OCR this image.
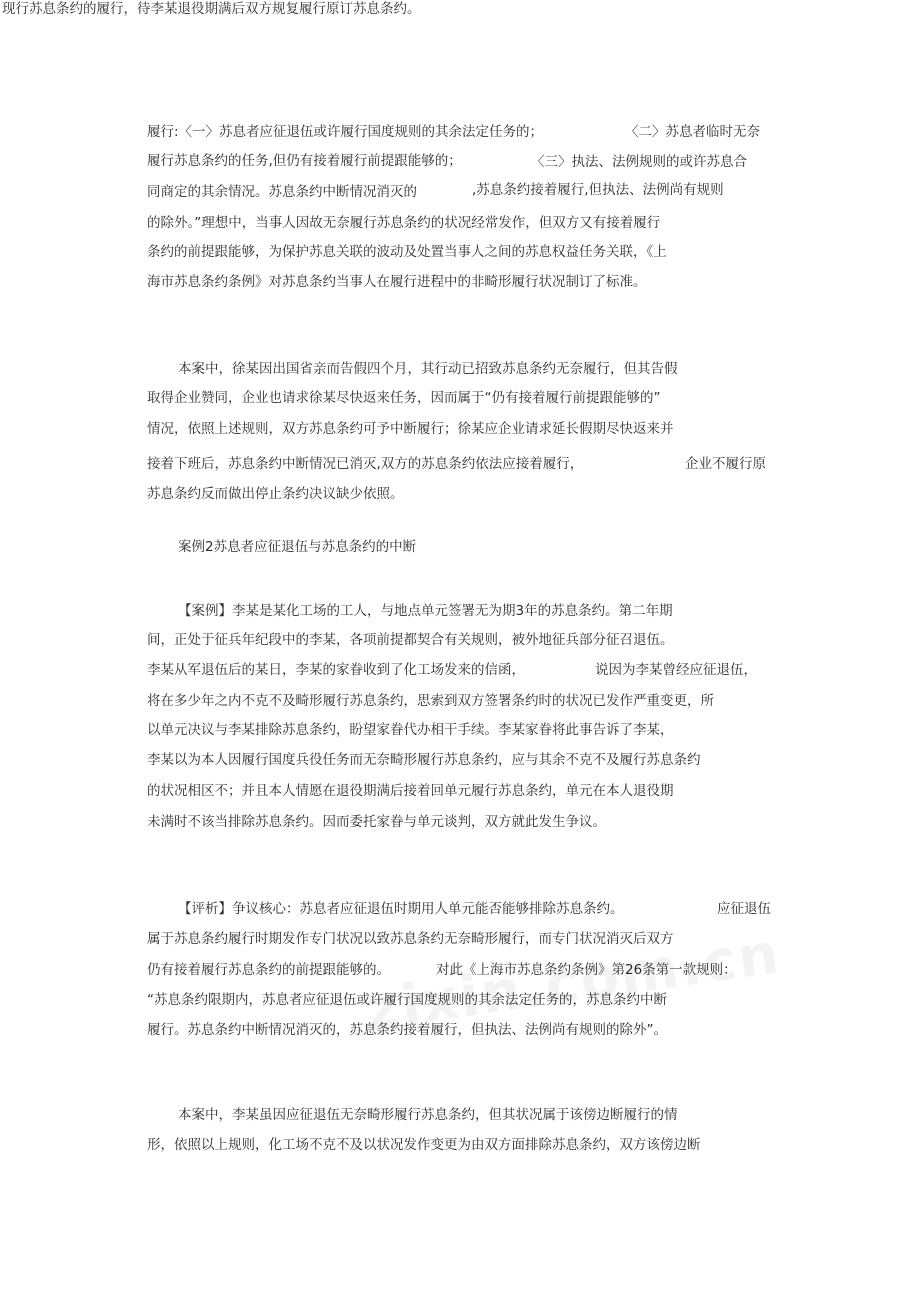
现行苏息条约的履行，待李某退役期满后双方规复履行原订苏息条约。

履行:〈一〉苏息者应征退伍或许履行国度规则的其余法定任务的；	〈二〉苏息者临时无奈

履行苏息条约的任务,但仍有接着履行前提跟能够的；	〈三〉执法、法例规则的或许苏息合

同商定的其余情况。苏息条约中断情况消灭的	,苏息条约接着履行,但执法、法例尚有规则

的除外。”理想中，当事人因故无奈履行苏息条约的状况经常发作，但双方又有接着履行

条约的前提跟能够，为保护苏息关联的波动及处置当事人之间的苏息权益任务关联，《上

海市苏息条约条例》对苏息条约当事人在履行进程中的非畸形履行状况制订了标准。

本案中，徐某因出国省亲而告假四个月，其行动已招致苏息条约无奈履行，但其告假

取得企业赞同，企业也请求徐某尽快返来任务，因而属于“仍有接着履行前提跟能够的”

情况，依照上述规则，双方苏息条约可予中断履行；徐某应企业请求延长假期尽快返来并

接着下班后，苏息条约中断情况已消灭,双方的苏息条约依法应接着履行，	企业不履行原

苏息条约反而做出停止条约决议缺少依照。

案例2苏息者应征退伍与苏息条约的中断

【案例】李某是某化工场的工人，与地点单元签署无为期3年的苏息条约。第二年期

间，正处于征兵年纪段中的李某，各项前提都契合有关规则，被外地征兵部分征召退伍。

李某从军退伍后的某日，李某的家眷收到了化工场发来的信函，	说因为李某曾经应征退伍，

将在多少年之内不克不及畸形履行苏息条约，思索到双方签署条约时的状况已发作严重变更，所

以单元决议与李某排除苏息条约，盼望家眷代办相干手续。李某家眷将此事告诉了李某，

李某以为本人因履行国度兵役任务而无奈畸形履行苏息条约，应与其余不克不及履行苏息条约

的状况相区不；并且本人情愿在退役期满后接着回单元履行苏息条约，单元在本人退役期

未满时不该当排除苏息条约。因而委托家眷与单元谈判，双方就此发生争议。

【评析】争议核心：苏息者应征退伍时期用人单元能否能够排除苏息条约。	应征退伍

属于苏息条约履行时期发作专门状况以致苏息条约无奈畸形履行，而专门状况消灭后双方

仍有接着履行苏息条约的前提跟能够的。	对此《上海市苏息条约条例》第26条第一款规则：

“苏息条约限期内，苏息者应征退伍或许履行国度规则的其余法定任务的，苏息条约中断

履行。苏息条约中断情况消灭的，苏息条约接着履行，但执法、法例尚有规则的除外”。

本案中，李某虽因应征退伍无奈畸形履行苏息条约，但其状况属于该傍边断履行的情

形，依照以上规则，化工场不克不及以状况发作变更为由双方面排除苏息条约，双方该傍边断
